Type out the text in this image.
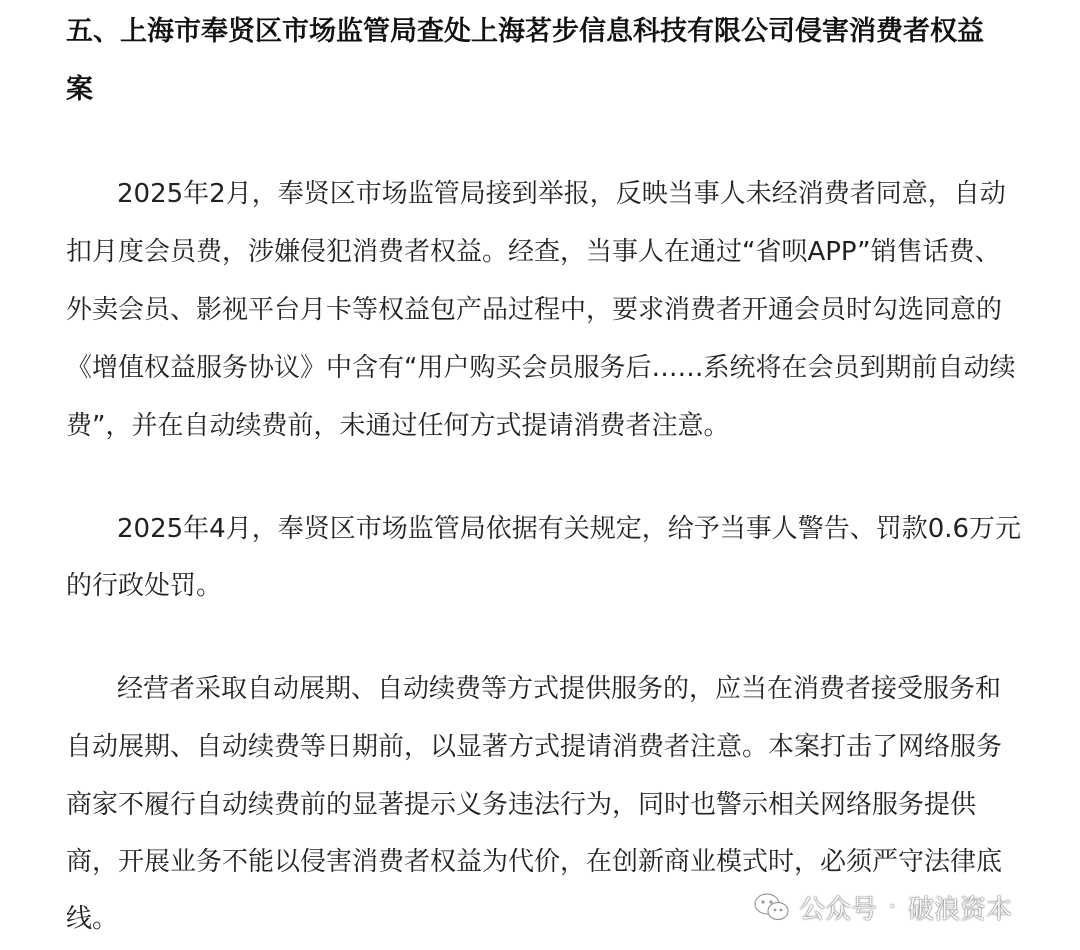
五、上海市奉贤区市场监管局查处上海茗步信息科技有限公司侵害消费者权益
案
2025年2月，奉贤区市场监管局接到举报，反映当事人未经消费者同意，自动
扣月度会员费，涉嫌侵犯消费者权益。经查，当事人在通过“省呗APP”销售话费、
外卖会员、影视平台月卡等权益包产品过程中，要求消费者开通会员时勾选同意的
《增值权益服务协议》中含有“用户购买会员服务后……系统将在会员到期前自动续
费”，并在自动续费前，未通过任何方式提请消费者注意。
2025年4月，奉贤区市场监管局依据有关规定，给予当事人警告、罚款0.6万元
的行政处罚。
经营者采取自动展期、自动续费等方式提供服务的，应当在消费者接受服务和
自动展期、自动续费等日期前，以显著方式提请消费者注意。本案打击了网络服务
商家不履行自动续费前的显著提示义务违法行为，同时也警示相关网络服务提供
商，开展业务不能以侵害消费者权益为代价，在创新商业模式时，必须严守法律底
线。	公众号 · 破浪资本
